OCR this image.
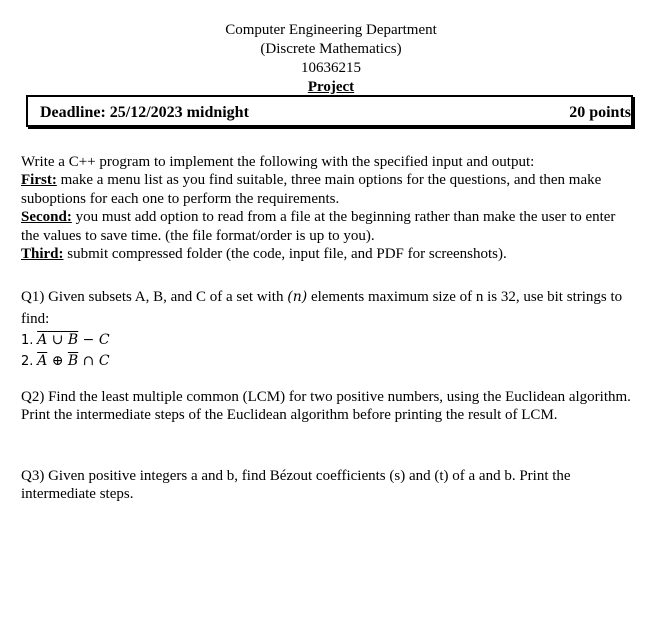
Computer Engineering Department
(Discrete Mathematics)
10636215
Project
Deadline: 25/12/2023 midnight	20 points
Write a C++ program to implement the following with the specified input and output:
First: make a menu list as you find suitable, three main options for the questions, and then make suboptions for each one to perform the requirements.
Second: you must add option to read from a file at the beginning rather than make the user to enter the values to save time. (the file format/order is up to you).
Third: submit compressed folder (the code, input file, and PDF for screenshots).
Q1) Given subsets A, B, and C of a set with (n) elements maximum size of n is 32, use bit strings to find:
1. A ∪ B − C
2. $\overline{A}$ ⊕ $\overline{B}$ ∩ C
Q2) Find the least multiple common (LCM) for two positive numbers, using the Euclidean algorithm. Print the intermediate steps of the Euclidean algorithm before printing the result of LCM.
Q3) Given positive integers a and b, find Bézout coefficients (s) and (t) of a and b. Print the intermediate steps.
